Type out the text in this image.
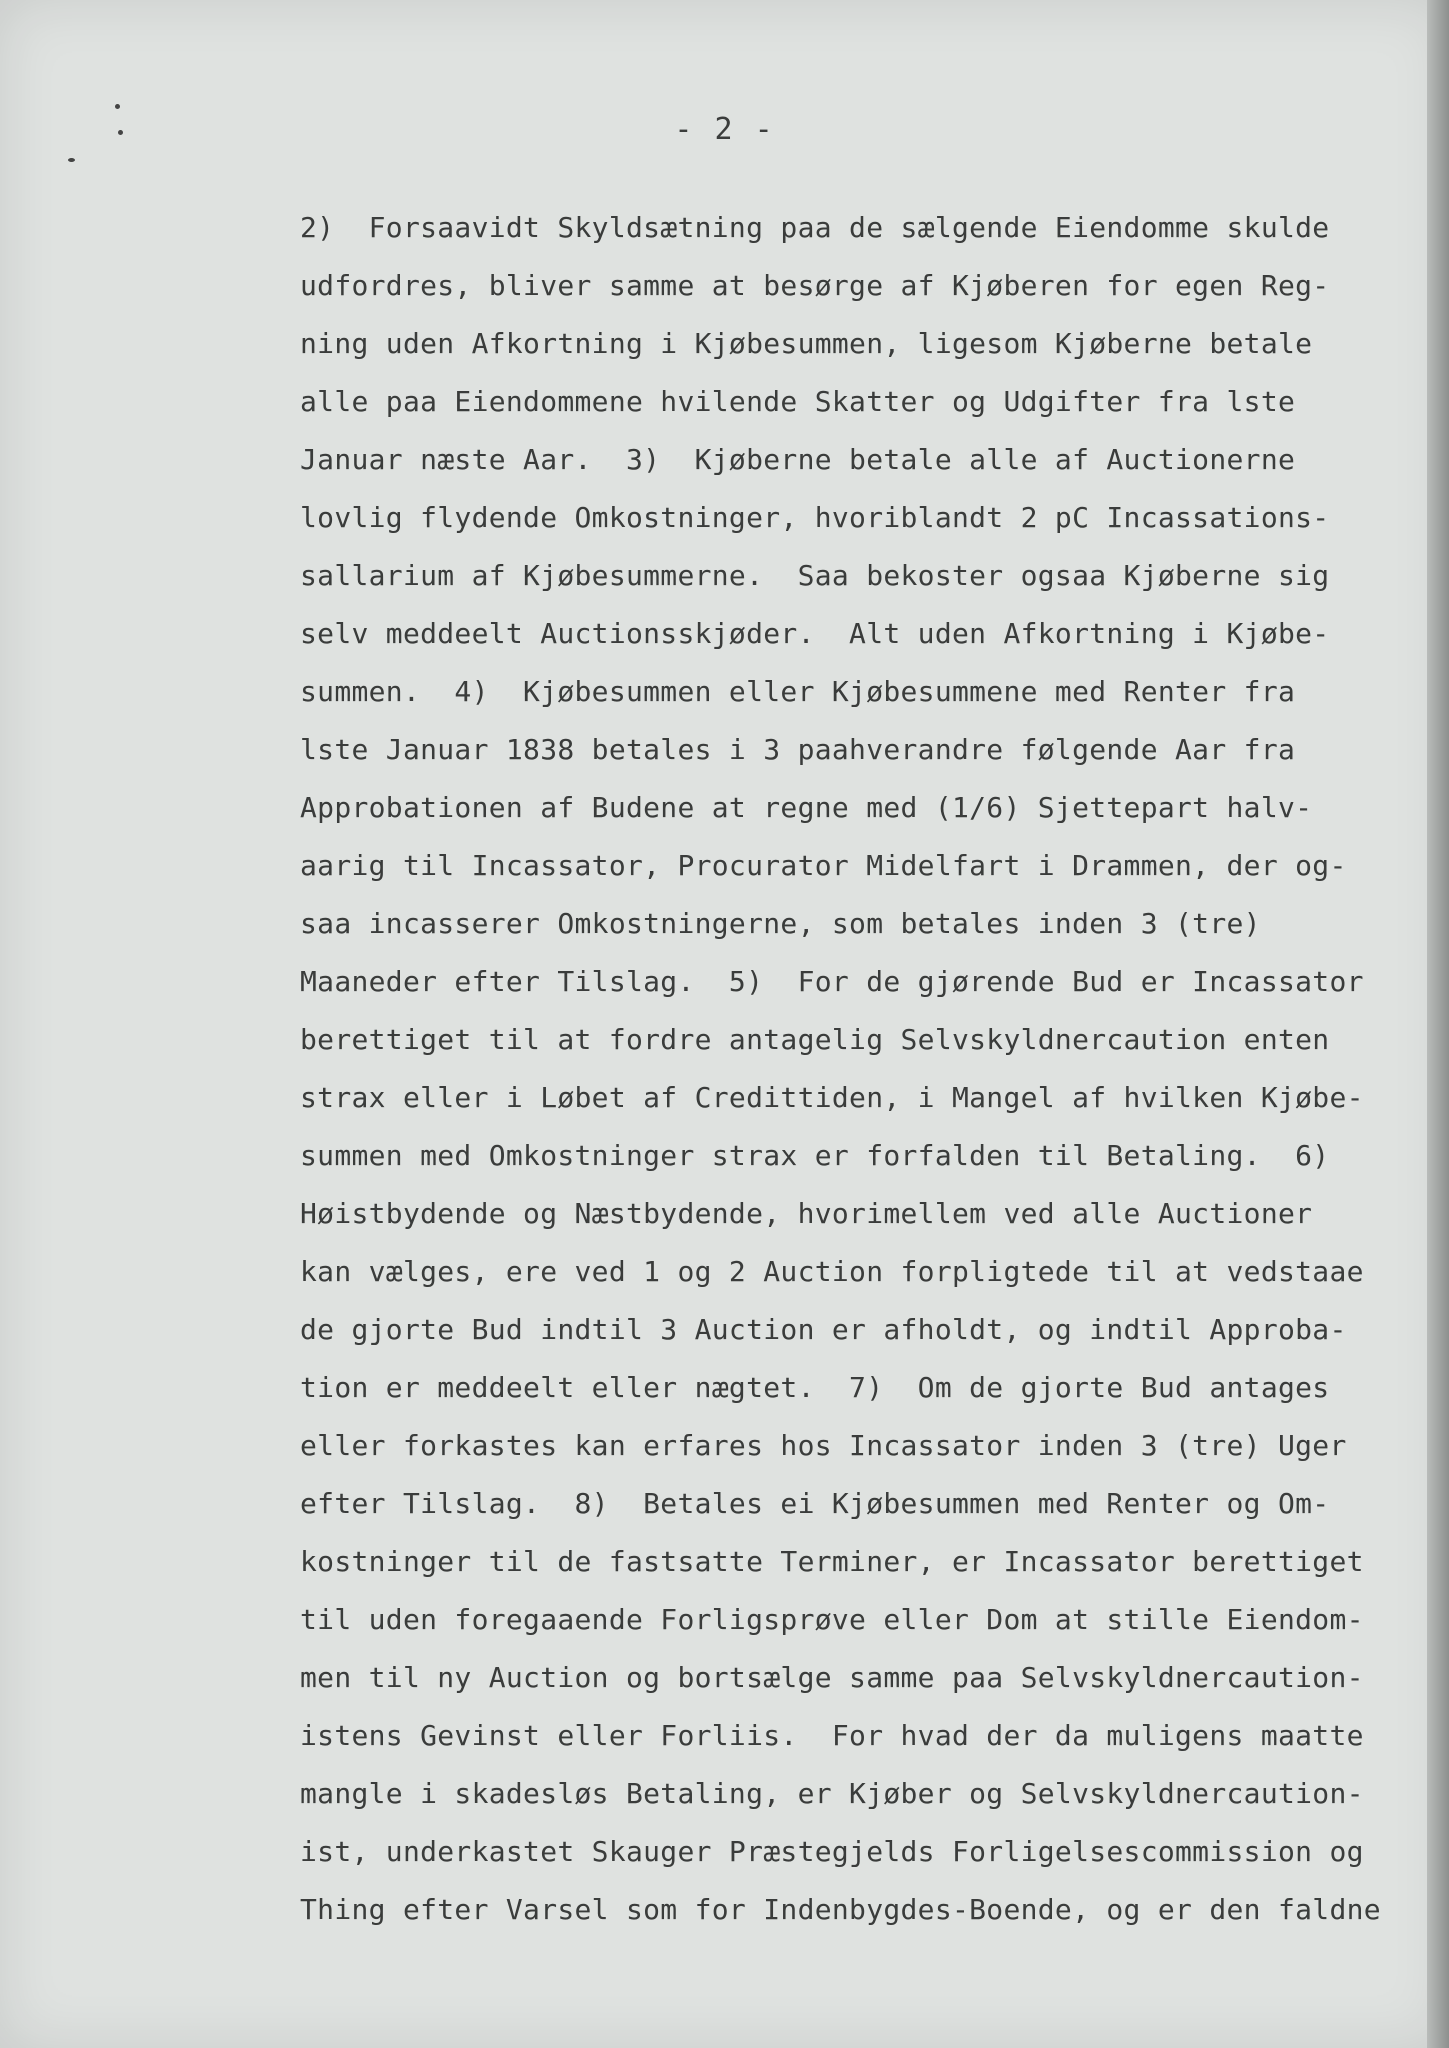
- 2 -
2)  Forsaavidt Skyldsætning paa de sælgende Eiendomme skulde
udfordres, bliver samme at besørge af Kjøberen for egen Reg-
ning uden Afkortning i Kjøbesummen, ligesom Kjøberne betale
alle paa Eiendommene hvilende Skatter og Udgifter fra lste
Januar næste Aar.  3)  Kjøberne betale alle af Auctionerne
lovlig flydende Omkostninger, hvoriblandt 2 pC Incassations-
sallarium af Kjøbesummerne.  Saa bekoster ogsaa Kjøberne sig
selv meddeelt Auctionsskjøder.  Alt uden Afkortning i Kjøbe-
summen.  4)  Kjøbesummen eller Kjøbesummene med Renter fra
lste Januar 1838 betales i 3 paahverandre følgende Aar fra
Approbationen af Budene at regne med (1/6) Sjettepart halv-
aarig til Incassator, Procurator Midelfart i Drammen, der og-
saa incasserer Omkostningerne, som betales inden 3 (tre)
Maaneder efter Tilslag.  5)  For de gjørende Bud er Incassator
berettiget til at fordre antagelig Selvskyldnercaution enten
strax eller i Løbet af Credittiden, i Mangel af hvilken Kjøbe-
summen med Omkostninger strax er forfalden til Betaling.  6)
Høistbydende og Næstbydende, hvorimellem ved alle Auctioner
kan vælges, ere ved 1 og 2 Auction forpligtede til at vedstaae
de gjorte Bud indtil 3 Auction er afholdt, og indtil Approba-
tion er meddeelt eller nægtet.  7)  Om de gjorte Bud antages
eller forkastes kan erfares hos Incassator inden 3 (tre) Uger
efter Tilslag.  8)  Betales ei Kjøbesummen med Renter og Om-
kostninger til de fastsatte Terminer, er Incassator berettiget
til uden foregaaende Forligsprøve eller Dom at stille Eiendom-
men til ny Auction og bortsælge samme paa Selvskyldnercaution-
istens Gevinst eller Forliis.  For hvad der da muligens maatte
mangle i skadesløs Betaling, er Kjøber og Selvskyldnercaution-
ist, underkastet Skauger Præstegjelds Forligelsescommission og
Thing efter Varsel som for Indenbygdes-Boende, og er den faldne
